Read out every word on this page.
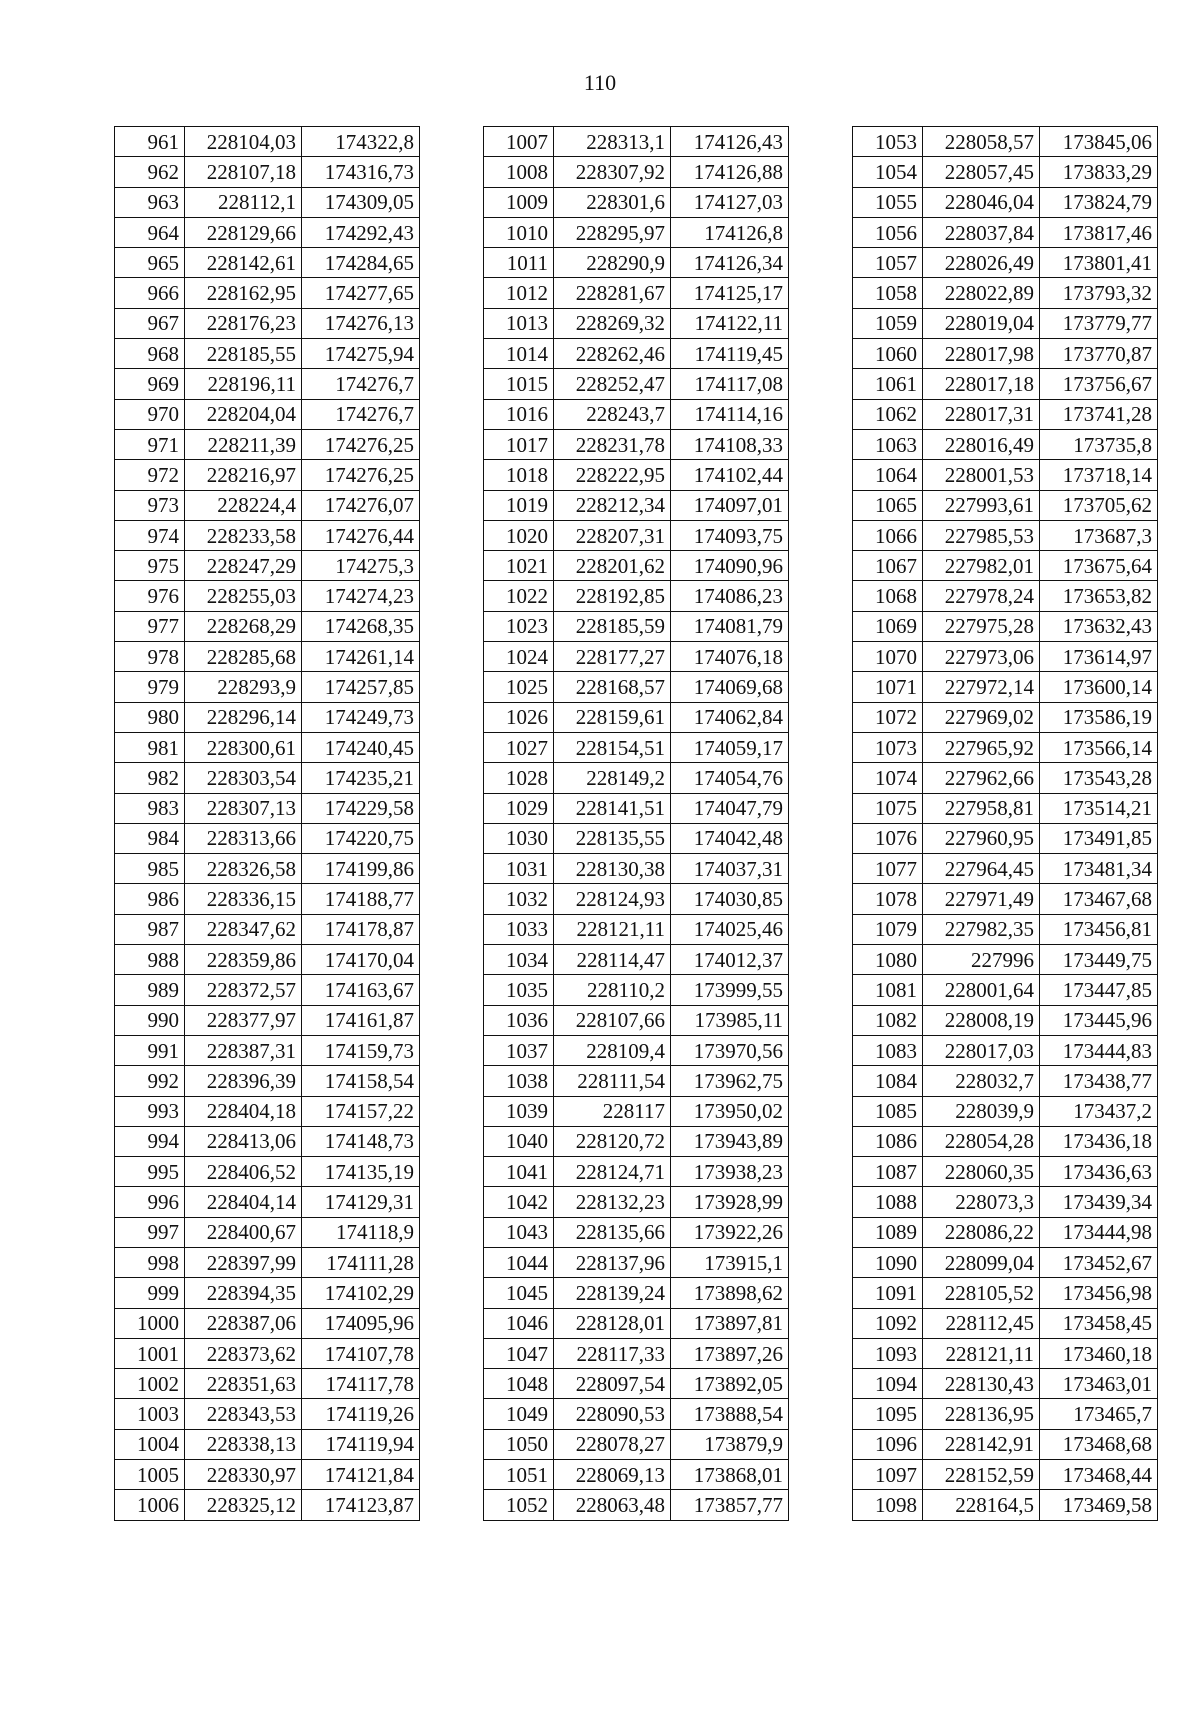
110
961	228104,03	174322,8
962	228107,18	174316,73
963	228112,1	174309,05
964	228129,66	174292,43
965	228142,61	174284,65
966	228162,95	174277,65
967	228176,23	174276,13
968	228185,55	174275,94
969	228196,11	174276,7
970	228204,04	174276,7
971	228211,39	174276,25
972	228216,97	174276,25
973	228224,4	174276,07
974	228233,58	174276,44
975	228247,29	174275,3
976	228255,03	174274,23
977	228268,29	174268,35
978	228285,68	174261,14
979	228293,9	174257,85
980	228296,14	174249,73
981	228300,61	174240,45
982	228303,54	174235,21
983	228307,13	174229,58
984	228313,66	174220,75
985	228326,58	174199,86
986	228336,15	174188,77
987	228347,62	174178,87
988	228359,86	174170,04
989	228372,57	174163,67
990	228377,97	174161,87
991	228387,31	174159,73
992	228396,39	174158,54
993	228404,18	174157,22
994	228413,06	174148,73
995	228406,52	174135,19
996	228404,14	174129,31
997	228400,67	174118,9
998	228397,99	174111,28
999	228394,35	174102,29
1000	228387,06	174095,96
1001	228373,62	174107,78
1002	228351,63	174117,78
1003	228343,53	174119,26
1004	228338,13	174119,94
1005	228330,97	174121,84
1006	228325,12	174123,87
1007	228313,1	174126,43
1008	228307,92	174126,88
1009	228301,6	174127,03
1010	228295,97	174126,8
1011	228290,9	174126,34
1012	228281,67	174125,17
1013	228269,32	174122,11
1014	228262,46	174119,45
1015	228252,47	174117,08
1016	228243,7	174114,16
1017	228231,78	174108,33
1018	228222,95	174102,44
1019	228212,34	174097,01
1020	228207,31	174093,75
1021	228201,62	174090,96
1022	228192,85	174086,23
1023	228185,59	174081,79
1024	228177,27	174076,18
1025	228168,57	174069,68
1026	228159,61	174062,84
1027	228154,51	174059,17
1028	228149,2	174054,76
1029	228141,51	174047,79
1030	228135,55	174042,48
1031	228130,38	174037,31
1032	228124,93	174030,85
1033	228121,11	174025,46
1034	228114,47	174012,37
1035	228110,2	173999,55
1036	228107,66	173985,11
1037	228109,4	173970,56
1038	228111,54	173962,75
1039	228117	173950,02
1040	228120,72	173943,89
1041	228124,71	173938,23
1042	228132,23	173928,99
1043	228135,66	173922,26
1044	228137,96	173915,1
1045	228139,24	173898,62
1046	228128,01	173897,81
1047	228117,33	173897,26
1048	228097,54	173892,05
1049	228090,53	173888,54
1050	228078,27	173879,9
1051	228069,13	173868,01
1052	228063,48	173857,77
1053	228058,57	173845,06
1054	228057,45	173833,29
1055	228046,04	173824,79
1056	228037,84	173817,46
1057	228026,49	173801,41
1058	228022,89	173793,32
1059	228019,04	173779,77
1060	228017,98	173770,87
1061	228017,18	173756,67
1062	228017,31	173741,28
1063	228016,49	173735,8
1064	228001,53	173718,14
1065	227993,61	173705,62
1066	227985,53	173687,3
1067	227982,01	173675,64
1068	227978,24	173653,82
1069	227975,28	173632,43
1070	227973,06	173614,97
1071	227972,14	173600,14
1072	227969,02	173586,19
1073	227965,92	173566,14
1074	227962,66	173543,28
1075	227958,81	173514,21
1076	227960,95	173491,85
1077	227964,45	173481,34
1078	227971,49	173467,68
1079	227982,35	173456,81
1080	227996	173449,75
1081	228001,64	173447,85
1082	228008,19	173445,96
1083	228017,03	173444,83
1084	228032,7	173438,77
1085	228039,9	173437,2
1086	228054,28	173436,18
1087	228060,35	173436,63
1088	228073,3	173439,34
1089	228086,22	173444,98
1090	228099,04	173452,67
1091	228105,52	173456,98
1092	228112,45	173458,45
1093	228121,11	173460,18
1094	228130,43	173463,01
1095	228136,95	173465,7
1096	228142,91	173468,68
1097	228152,59	173468,44
1098	228164,5	173469,58
